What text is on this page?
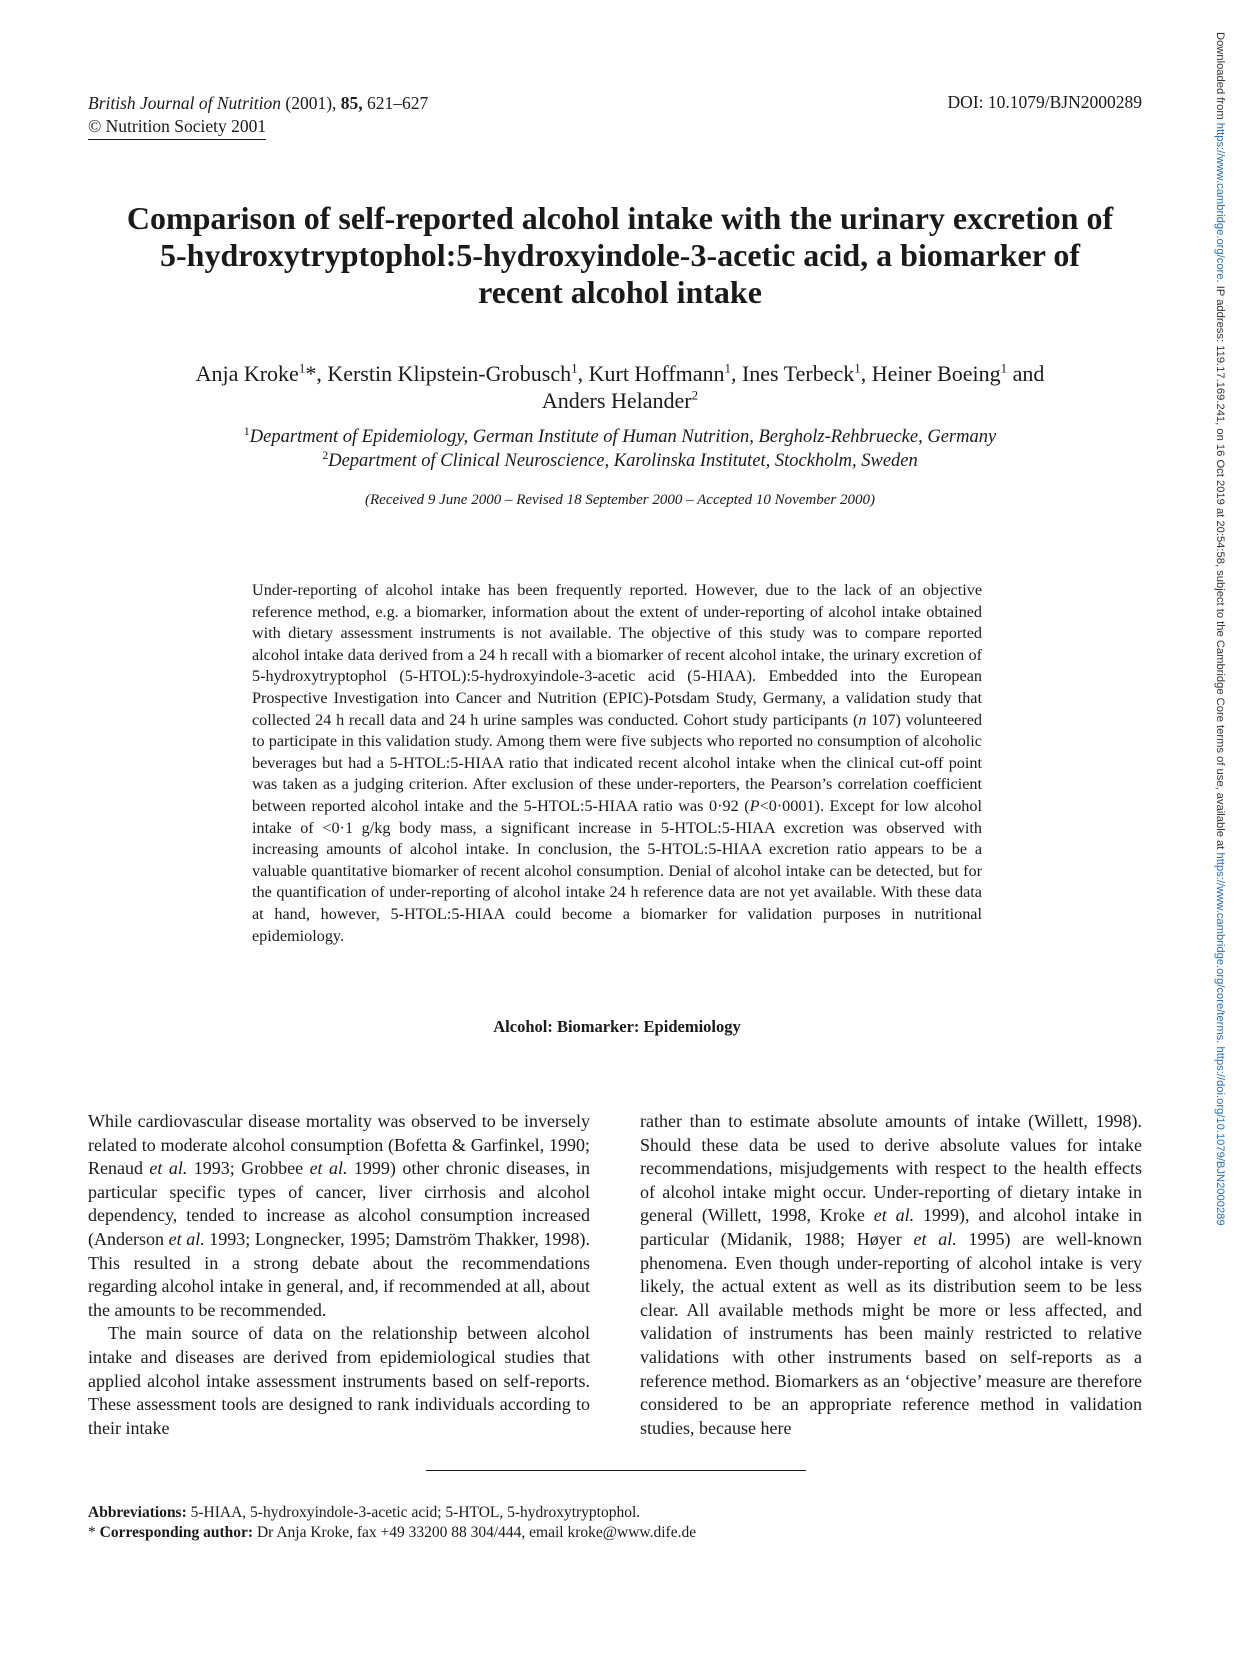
British Journal of Nutrition (2001), 85, 621–627
© Nutrition Society 2001
DOI: 10.1079/BJN2000289
Comparison of self-reported alcohol intake with the urinary excretion of
5-hydroxytryptophol:5-hydroxyindole-3-acetic acid, a biomarker of
recent alcohol intake
Anja Kroke$^1$*, Kerstin Klipstein-Grobusch$^1$, Kurt Hoffmann$^1$, Ines Terbeck$^1$, Heiner Boeing$^1$ and
Anders Helander$^2$
$^1$Department of Epidemiology, German Institute of Human Nutrition, Bergholz-Rehbruecke, Germany
$^2$Department of Clinical Neuroscience, Karolinska Institutet, Stockholm, Sweden
(Received 9 June 2000 – Revised 18 September 2000 – Accepted 10 November 2000)
Under-reporting of alcohol intake has been frequently reported. However, due to the lack of an objective reference method, e.g. a biomarker, information about the extent of under-reporting of alcohol intake obtained with dietary assessment instruments is not available. The objective of this study was to compare reported alcohol intake data derived from a 24 h recall with a biomarker of recent alcohol intake, the urinary excretion of 5-hydroxytryptophol (5-HTOL):5-hydroxyindole-3-acetic acid (5-HIAA). Embedded into the European Prospective Investigation into Cancer and Nutrition (EPIC)-Potsdam Study, Germany, a validation study that collected 24 h recall data and 24 h urine samples was conducted. Cohort study participants (n 107) volunteered to participate in this validation study. Among them were five subjects who reported no consumption of alcoholic beverages but had a 5-HTOL:5-HIAA ratio that indicated recent alcohol intake when the clinical cut-off point was taken as a judging criterion. After exclusion of these under-reporters, the Pearson’s correlation coefficient between reported alcohol intake and the 5-HTOL:5-HIAA ratio was 0·92 (P<0·0001). Except for low alcohol intake of <0·1 g/kg body mass, a significant increase in 5-HTOL:5-HIAA excretion was observed with increasing amounts of alcohol intake. In conclusion, the 5-HTOL:5-HIAA excretion ratio appears to be a valuable quantitative biomarker of recent alcohol consumption. Denial of alcohol intake can be detected, but for the quantification of under-reporting of alcohol intake 24 h reference data are not yet available. With these data at hand, however, 5-HTOL:5-HIAA could become a biomarker for validation purposes in nutritional epidemiology.
Alcohol: Biomarker: Epidemiology

While cardiovascular disease mortality was observed to be inversely related to moderate alcohol consumption (Bofetta & Garfinkel, 1990; Renaud et al. 1993; Grobbee et al. 1999) other chronic diseases, in particular specific types of cancer, liver cirrhosis and alcohol dependency, tended to increase as alcohol consumption increased (Anderson et al. 1993; Longnecker, 1995; Damström Thakker, 1998). This resulted in a strong debate about the recommendations regarding alcohol intake in general, and, if recommended at all, about the amounts to be recommended.

The main source of data on the relationship between alcohol intake and diseases are derived from epidemiological studies that applied alcohol intake assessment instruments based on self-reports. These assessment tools are designed to rank individuals according to their intake

rather than to estimate absolute amounts of intake (Willett, 1998). Should these data be used to derive absolute values for intake recommendations, misjudgements with respect to the health effects of alcohol intake might occur. Under-reporting of dietary intake in general (Willett, 1998, Kroke et al. 1999), and alcohol intake in particular (Midanik, 1988; Høyer et al. 1995) are well-known phenomena. Even though under-reporting of alcohol intake is very likely, the actual extent as well as its distribution seem to be less clear. All available methods might be more or less affected, and validation of instruments has been mainly restricted to relative validations with other instruments based on self-reports as a reference method. Biomarkers as an ‘objective’ measure are therefore considered to be an appropriate reference method in validation studies, because here

Abbreviations: 5-HIAA, 5-hydroxyindole-3-acetic acid; 5-HTOL, 5-hydroxytryptophol.
* Corresponding author: Dr Anja Kroke, fax +49 33200 88 304/444, email kroke@www.dife.de
Downloaded from https://www.cambridge.org/core. IP address: 119.17.169.241, on 16 Oct 2019 at 20:54:58, subject to the Cambridge Core terms of use, available at https://www.cambridge.org/core/terms. https://doi.org/10.1079/BJN2000289
